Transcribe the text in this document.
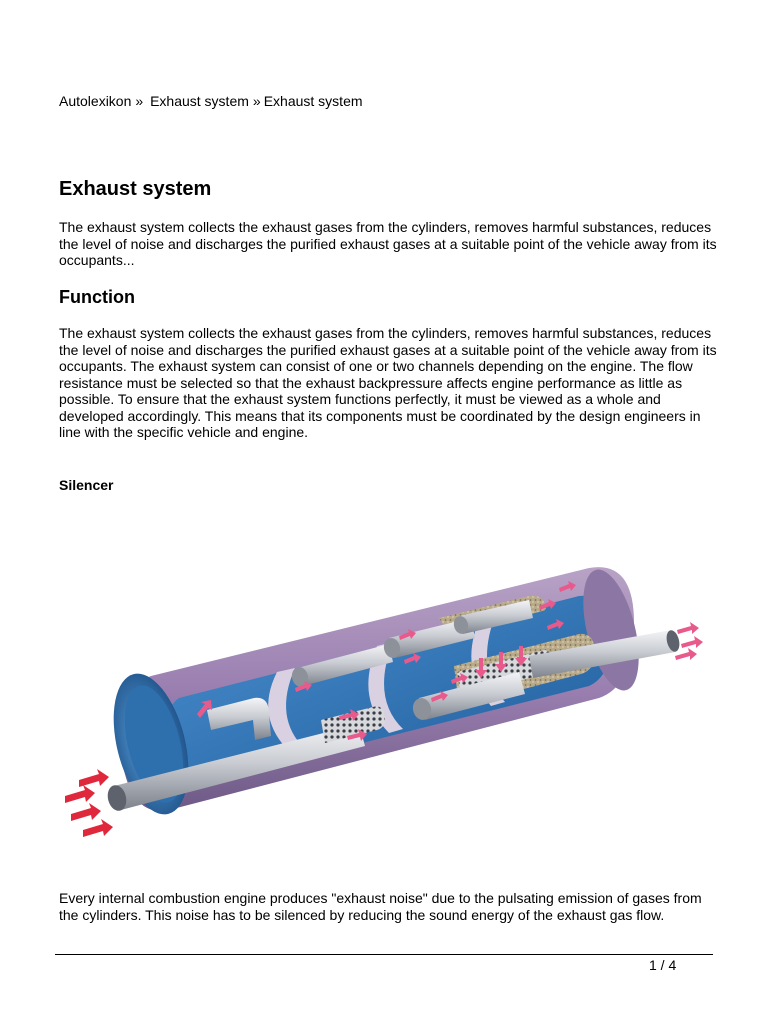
Autolexikon » Exhaust system » Exhaust system
Exhaust system

The exhaust system collects the exhaust gases from the cylinders, removes harmful substances, reduces the level of noise and discharges the purified exhaust gases at a suitable point of the vehicle away from its occupants...

Function

The exhaust system collects the exhaust gases from the cylinders, removes harmful substances, reduces the level of noise and discharges the purified exhaust gases at a suitable point of the vehicle away from its occupants. The exhaust system can consist of one or two channels depending on the engine. The flow resistance must be selected so that the exhaust backpressure affects engine performance as little as possible. To ensure that the exhaust system functions perfectly, it must be viewed as a whole and developed accordingly. This means that its components must be coordinated by the design engineers in line with the specific vehicle and engine.

Silencer

Every internal combustion engine produces "exhaust noise" due to the pulsating emission of gases from the cylinders. This noise has to be silenced by reducing the sound energy of the exhaust gas flow.

1 / 4
